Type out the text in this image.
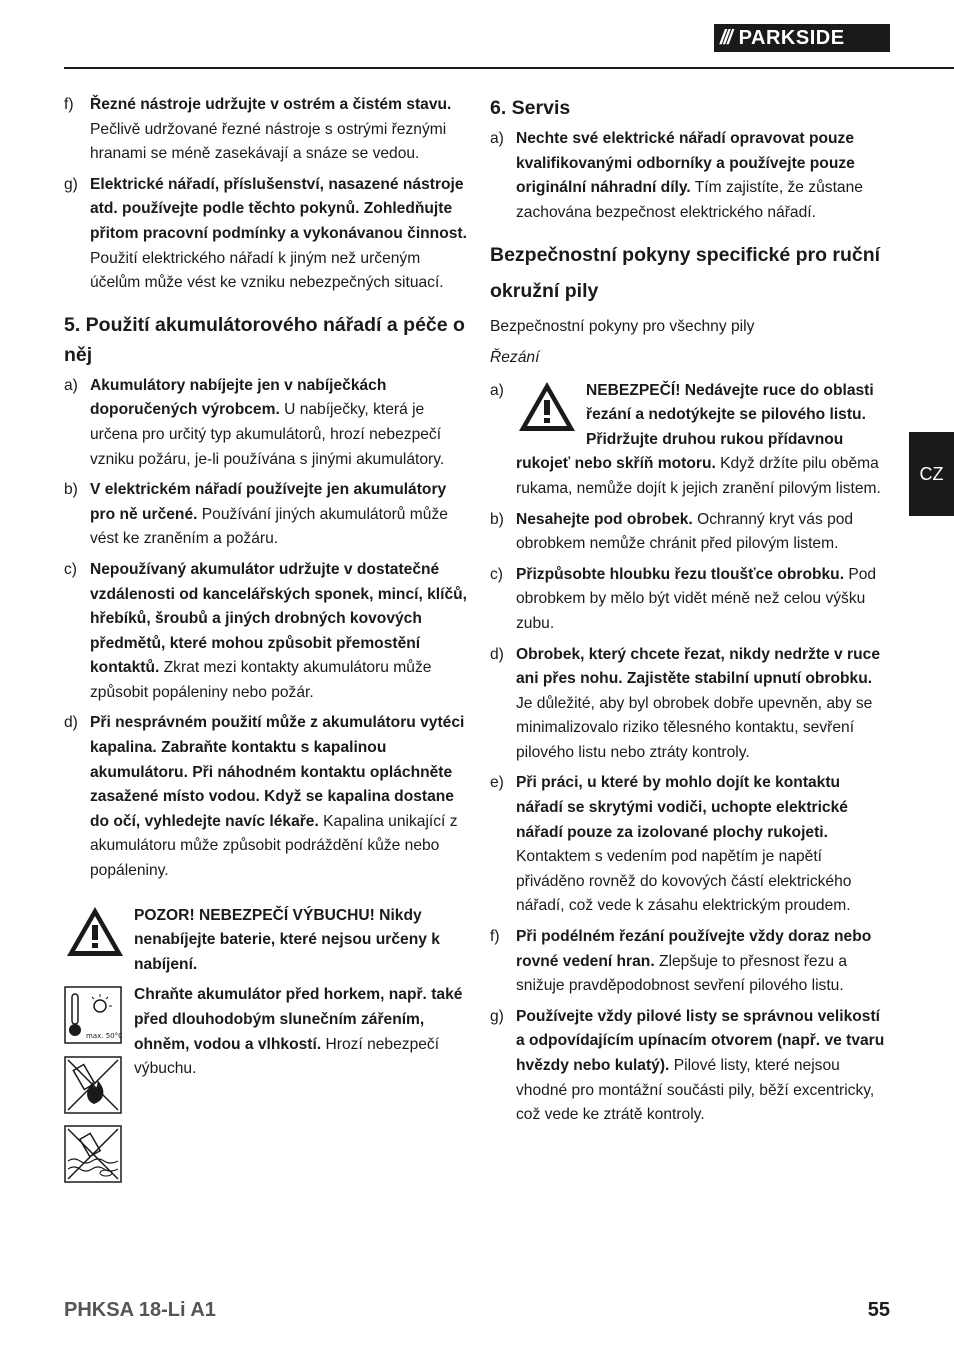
/// PARKSIDE
CZ
f)	Řezné nástroje udržujte v ostrém a čistém stavu. Pečlivě udržované řezné nástroje s ostrými řeznými hranami se méně zasekávají a snáze se vedou.
g) Elektrické nářadí, příslušenství, nasazené nástroje atd. používejte podle těchto pokynů. Zohledňujte přitom pracovní podmínky a vykonávanou činnost. Použití elektrického nářadí k jiným než určeným účelům může vést ke vzniku nebezpečných situací.
5. Použití akumulátorového nářadí a péče o něj
a) Akumulátory nabíjejte jen v nabíječkách doporučených výrobcem. U nabíječky, která je určena pro určitý typ akumulátorů, hrozí nebezpečí vzniku požáru, je-li používána s jinými akumulátory.
b) V elektrickém nářadí používejte jen akumulátory pro ně určené. Používání jiných akumulátorů může vést ke zraněním a požáru.
c) Nepoužívaný akumulátor udržujte v dostatečné vzdálenosti od kancelářských sponek, mincí, klíčů, hřebíků, šroubů a jiných drobných kovových předmětů, které mohou způsobit přemostění kontaktů. Zkrat mezi kontakty akumulátoru může způsobit popáleniny nebo požár.
d) Při nesprávném použití může z akumulátoru vytéci kapalina. Zabraňte kontaktu s kapalinou akumulátoru. Při náhodném kontaktu opláchněte zasažené místo vodou. Když se kapalina dostane do očí, vyhledejte navíc lékaře. Kapalina unikající z akumulátoru může způsobit podráždění kůže nebo popáleniny.

max. 50°C

POZOR! NEBEZPEČÍ VÝBUCHU! Nikdy nenabíjejte baterie, které nejsou určeny k nabíjení.
Chraňte akumulátor před horkem, např. také před dlouhodobým slunečním zářením, ohněm, vodou a vlhkostí. Hrozí nebezpečí výbuchu.
6. Servis
a) Nechte své elektrické nářadí opravovat pouze kvalifikovanými odborníky a používejte pouze originální náhradní díly. Tím zajistíte, že zůstane zachována bezpečnost elektrického nářadí.
Bezpečnostní pokyny specifické pro ruční okružní pily
Bezpečnostní pokyny pro všechny pily
Řezání
a)	NEBEZPEČÍ! Nedávejte ruce do oblasti řezání a nedotýkejte se pilového listu. Přidržujte druhou rukou přídavnou rukojeť nebo skříň motoru. Když držíte pilu oběma rukama, nemůže dojít k jejich zranění pilovým listem.
b) Nesahejte pod obrobek. Ochranný kryt vás pod obrobkem nemůže chránit před pilovým listem.
c) Přizpůsobte hloubku řezu tloušťce obrobku. Pod obrobkem by mělo být vidět méně než celou výšku zubu.
d) Obrobek, který chcete řezat, nikdy nedržte v ruce ani přes nohu. Zajistěte stabilní upnutí obrobku. Je důležité, aby byl obrobek dobře upevněn, aby se minimalizovalo riziko tělesného kontaktu, sevření pilového listu nebo ztráty kontroly.
e) Při práci, u které by mohlo dojít ke kontaktu nářadí se skrytými vodiči, uchopte elektrické nářadí pouze za izolované plochy rukojeti. Kontaktem s vedením pod napětím je napětí přiváděno rovněž do kovových částí elektrického nářadí, což vede k zásahu elektrickým proudem.
f)	Při podélném řezání používejte vždy doraz nebo rovné vedení hran. Zlepšuje to přesnost řezu a snižuje pravděpodobnost sevření pilového listu.
g) Používejte vždy pilové listy se správnou velikostí a odpovídajícím upínacím otvorem (např. ve tvaru hvězdy nebo kulatý). Pilové listy, které nejsou vhodné pro montážní součásti pily, běží excentricky, což vede ke ztrátě kontroly.
PHKSA 18-Li A1	55
